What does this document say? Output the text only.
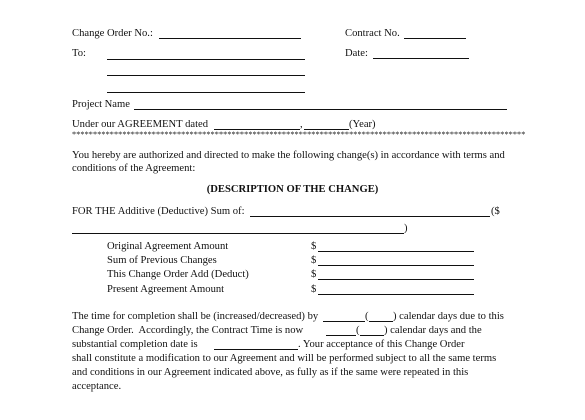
Change Order No.:	Contract No.
To:	Date:
Project Name
Under our AGREEMENT dated	,	(Year)
************************************************************************************************************
You hereby are authorized and directed to make the following change(s) in accordance with terms and
conditions of the Agreement:
(DESCRIPTION OF THE CHANGE)
FOR THE Additive (Deductive) Sum of:	($
)
Original Agreement Amount	$
Sum of Previous Changes	$
This Change Order Add (Deduct)	$
Present Agreement Amount	$
The time for completion shall be (increased/decreased) by	( ) calendar days due to this
Change Order.  Accordingly, the Contract Time is now	( ) calendar days and the
substantial completion date is	. Your acceptance of this Change Order
shall constitute a modification to our Agreement and will be performed subject to all the same terms
and conditions in our Agreement indicated above, as fully as if the same were repeated in this
acceptance.
